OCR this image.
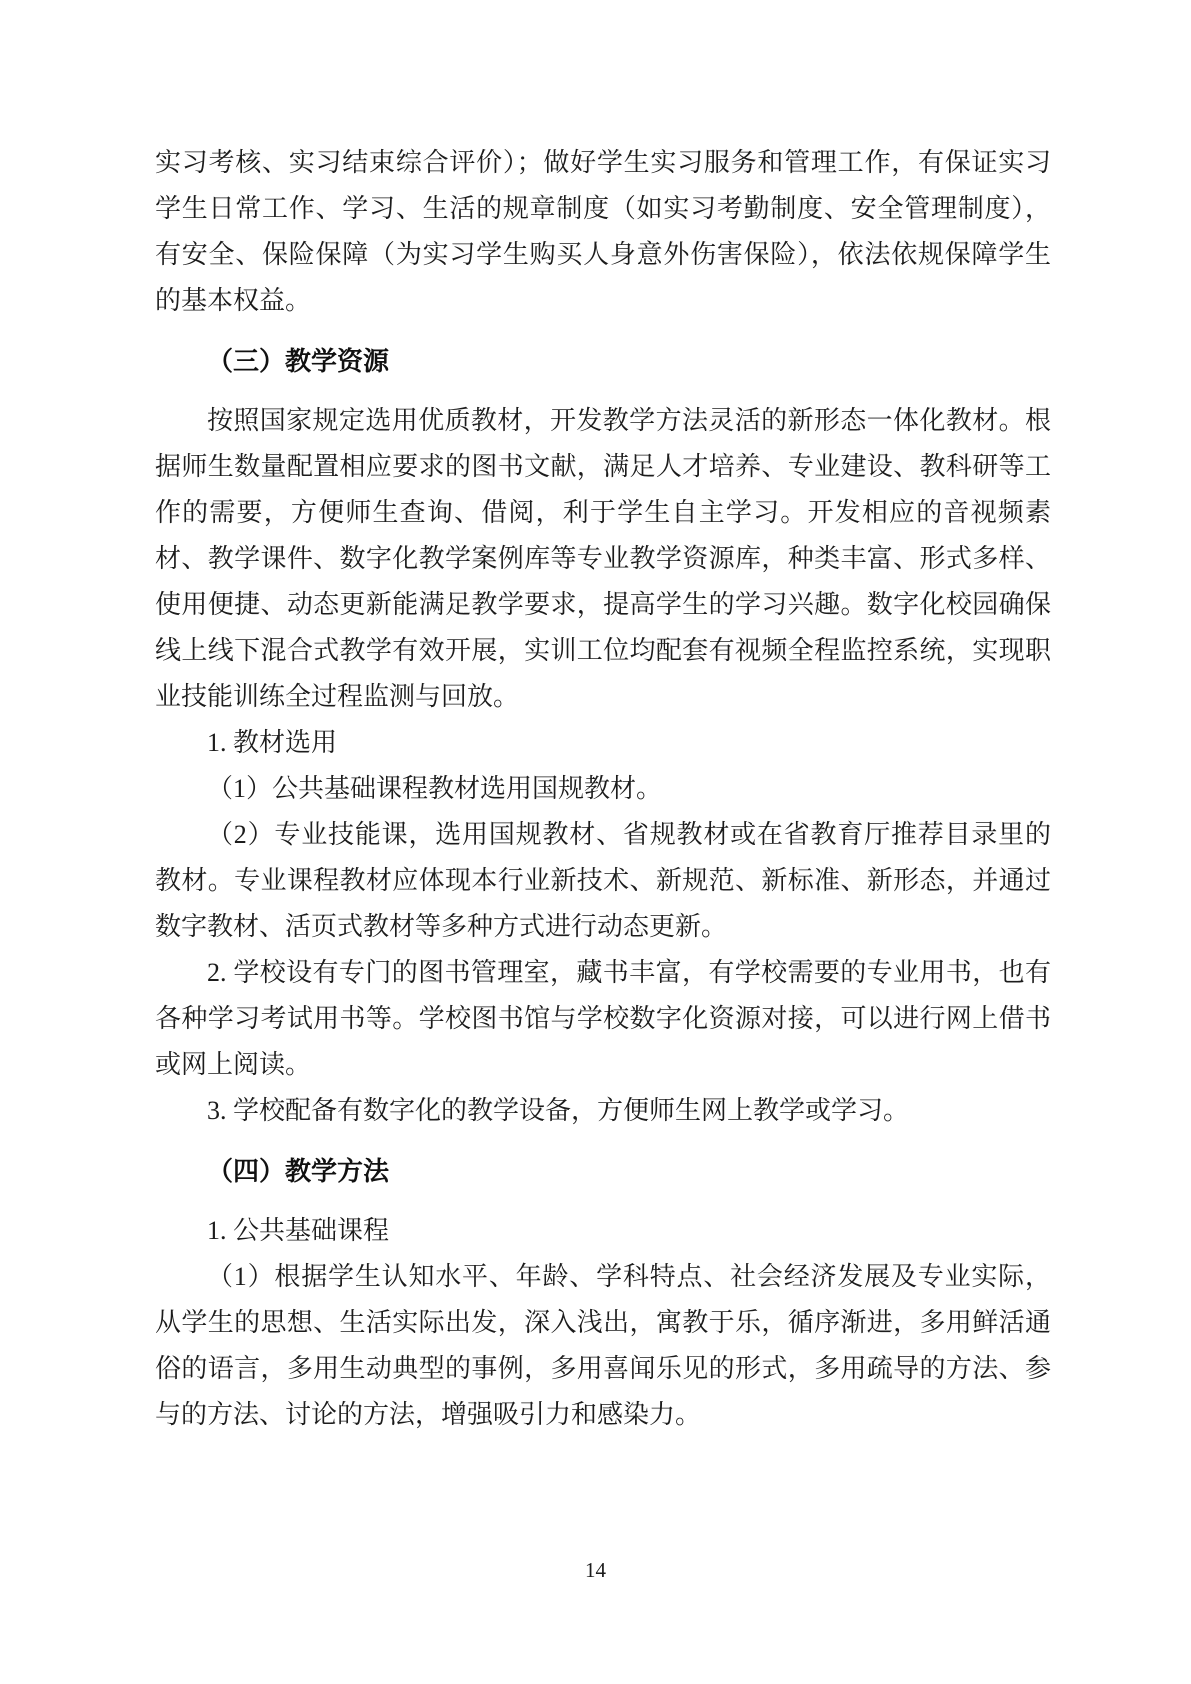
实习考核、实习结束综合评价）；做好学生实习服务和管理工作，有保证实习学生日常工作、学习、生活的规章制度（如实习考勤制度、安全管理制度），有安全、保险保障（为实习学生购买人身意外伤害保险），依法依规保障学生的基本权益。
（三）教学资源
按照国家规定选用优质教材，开发教学方法灵活的新形态一体化教材。根据师生数量配置相应要求的图书文献，满足人才培养、专业建设、教科研等工作的需要，方便师生查询、借阅，利于学生自主学习。开发相应的音视频素材、教学课件、数字化教学案例库等专业教学资源库，种类丰富、形式多样、使用便捷、动态更新能满足教学要求，提高学生的学习兴趣。数字化校园确保线上线下混合式教学有效开展，实训工位均配套有视频全程监控系统，实现职业技能训练全过程监测与回放。
1. 教材选用
（1）公共基础课程教材选用国规教材。
（2）专业技能课，选用国规教材、省规教材或在省教育厅推荐目录里的教材。专业课程教材应体现本行业新技术、新规范、新标准、新形态，并通过数字教材、活页式教材等多种方式进行动态更新。
2. 学校设有专门的图书管理室，藏书丰富，有学校需要的专业用书，也有各种学习考试用书等。学校图书馆与学校数字化资源对接，可以进行网上借书或网上阅读。
3. 学校配备有数字化的教学设备，方便师生网上教学或学习。
（四）教学方法
1. 公共基础课程
（1）根据学生认知水平、年龄、学科特点、社会经济发展及专业实际，从学生的思想、生活实际出发，深入浅出，寓教于乐，循序渐进，多用鲜活通俗的语言，多用生动典型的事例，多用喜闻乐见的形式，多用疏导的方法、参与的方法、讨论的方法，增强吸引力和感染力。
14
